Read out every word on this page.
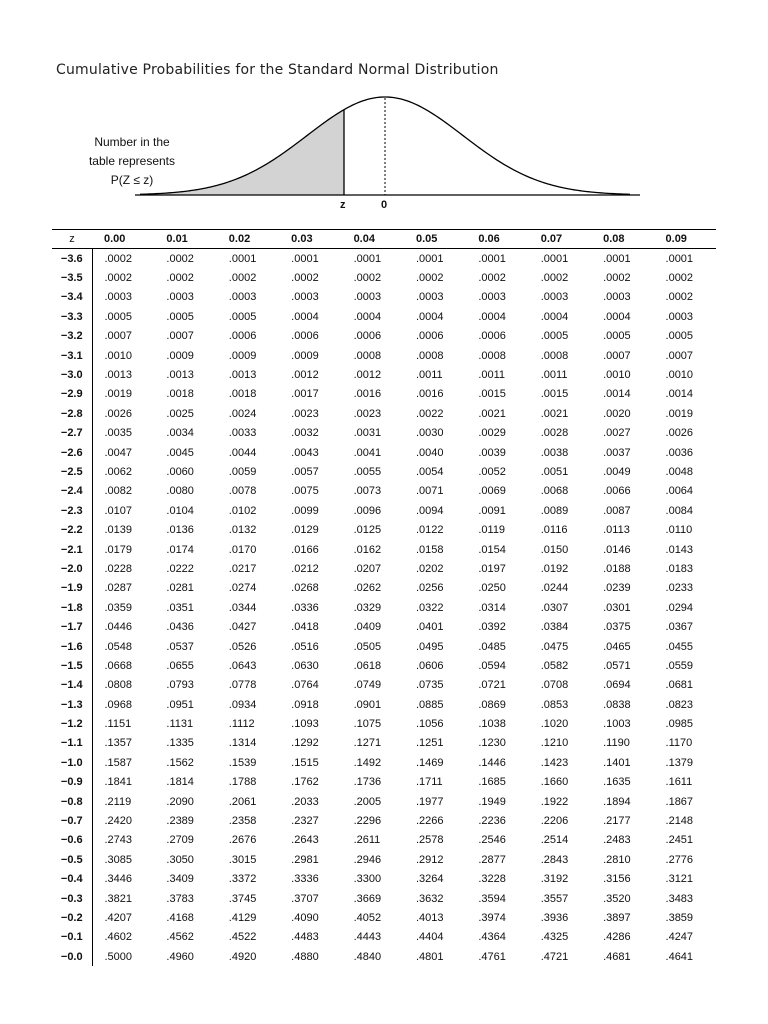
Cumulative Probabilities for the Standard Normal Distribution
Number in the
table represents
P(Z ≤ z)
z	0
z	0.00	0.01	0.02	0.03	0.04	0.05	0.06	0.07	0.08	0.09
−3.6	.0002	.0002	.0001	.0001	.0001	.0001	.0001	.0001	.0001	.0001
−3.5	.0002	.0002	.0002	.0002	.0002	.0002	.0002	.0002	.0002	.0002
−3.4	.0003	.0003	.0003	.0003	.0003	.0003	.0003	.0003	.0003	.0002
−3.3	.0005	.0005	.0005	.0004	.0004	.0004	.0004	.0004	.0004	.0003
−3.2	.0007	.0007	.0006	.0006	.0006	.0006	.0006	.0005	.0005	.0005
−3.1	.0010	.0009	.0009	.0009	.0008	.0008	.0008	.0008	.0007	.0007
−3.0	.0013	.0013	.0013	.0012	.0012	.0011	.0011	.0011	.0010	.0010
−2.9	.0019	.0018	.0018	.0017	.0016	.0016	.0015	.0015	.0014	.0014
−2.8	.0026	.0025	.0024	.0023	.0023	.0022	.0021	.0021	.0020	.0019
−2.7	.0035	.0034	.0033	.0032	.0031	.0030	.0029	.0028	.0027	.0026
−2.6	.0047	.0045	.0044	.0043	.0041	.0040	.0039	.0038	.0037	.0036
−2.5	.0062	.0060	.0059	.0057	.0055	.0054	.0052	.0051	.0049	.0048
−2.4	.0082	.0080	.0078	.0075	.0073	.0071	.0069	.0068	.0066	.0064
−2.3	.0107	.0104	.0102	.0099	.0096	.0094	.0091	.0089	.0087	.0084
−2.2	.0139	.0136	.0132	.0129	.0125	.0122	.0119	.0116	.0113	.0110
−2.1	.0179	.0174	.0170	.0166	.0162	.0158	.0154	.0150	.0146	.0143
−2.0	.0228	.0222	.0217	.0212	.0207	.0202	.0197	.0192	.0188	.0183
−1.9	.0287	.0281	.0274	.0268	.0262	.0256	.0250	.0244	.0239	.0233
−1.8	.0359	.0351	.0344	.0336	.0329	.0322	.0314	.0307	.0301	.0294
−1.7	.0446	.0436	.0427	.0418	.0409	.0401	.0392	.0384	.0375	.0367
−1.6	.0548	.0537	.0526	.0516	.0505	.0495	.0485	.0475	.0465	.0455
−1.5	.0668	.0655	.0643	.0630	.0618	.0606	.0594	.0582	.0571	.0559
−1.4	.0808	.0793	.0778	.0764	.0749	.0735	.0721	.0708	.0694	.0681
−1.3	.0968	.0951	.0934	.0918	.0901	.0885	.0869	.0853	.0838	.0823
−1.2	.1151	.1131	.1112	.1093	.1075	.1056	.1038	.1020	.1003	.0985
−1.1	.1357	.1335	.1314	.1292	.1271	.1251	.1230	.1210	.1190	.1170
−1.0	.1587	.1562	.1539	.1515	.1492	.1469	.1446	.1423	.1401	.1379
−0.9	.1841	.1814	.1788	.1762	.1736	.1711	.1685	.1660	.1635	.1611
−0.8	.2119	.2090	.2061	.2033	.2005	.1977	.1949	.1922	.1894	.1867
−0.7	.2420	.2389	.2358	.2327	.2296	.2266	.2236	.2206	.2177	.2148
−0.6	.2743	.2709	.2676	.2643	.2611	.2578	.2546	.2514	.2483	.2451
−0.5	.3085	.3050	.3015	.2981	.2946	.2912	.2877	.2843	.2810	.2776
−0.4	.3446	.3409	.3372	.3336	.3300	.3264	.3228	.3192	.3156	.3121
−0.3	.3821	.3783	.3745	.3707	.3669	.3632	.3594	.3557	.3520	.3483
−0.2	.4207	.4168	.4129	.4090	.4052	.4013	.3974	.3936	.3897	.3859
−0.1	.4602	.4562	.4522	.4483	.4443	.4404	.4364	.4325	.4286	.4247
−0.0	.5000	.4960	.4920	.4880	.4840	.4801	.4761	.4721	.4681	.4641
